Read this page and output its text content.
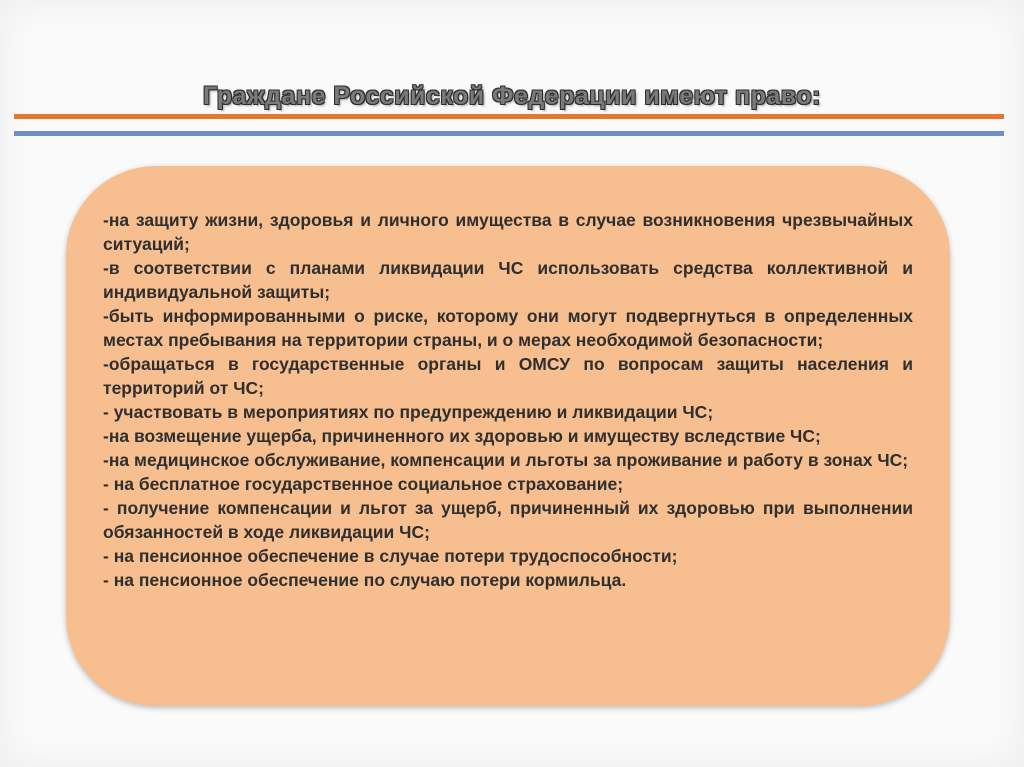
Граждане Российской Федерации имеют право:

-на защиту жизни, здоровья и личного имущества в случае возникновения чрезвычайных ситуаций;

-в соответствии с планами ликвидации ЧС использовать средства коллективной и индивидуальной защиты;

-быть информированными о риске, которому они могут подвергнуться в определенных местах пребывания на территории страны, и о мерах необходимой безопасности;

-обращаться в государственные органы и ОМСУ по вопросам защиты населения и территорий от ЧС;

- участвовать в мероприятиях по предупреждению и ликвидации ЧС;

-на возмещение ущерба, причиненного их здоровью и имуществу вследствие ЧС;

-на медицинское обслуживание, компенсации и льготы за проживание и работу в зонах ЧС;

- на бесплатное государственное социальное страхование;

- получение компенсации и льгот за ущерб, причиненный их здоровью при выполнении обязанностей в ходе ликвидации ЧС;

- на пенсионное обеспечение в случае потери трудоспособности;

- на пенсионное обеспечение по случаю потери кормильца.
